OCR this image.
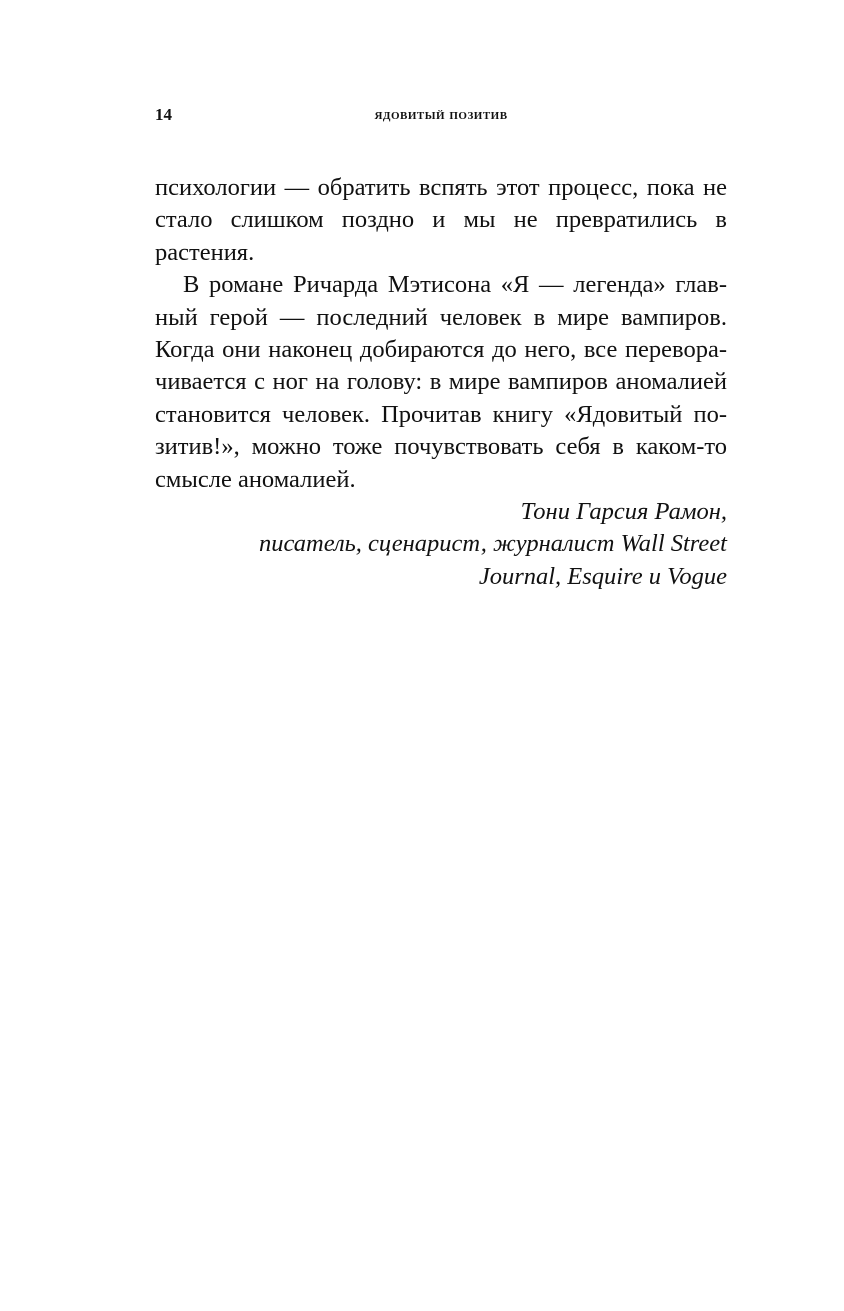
14	ядовитый позитив

психологии — обратить вспять этот процесс, пока не стало слишком поздно и мы не превратились в растения.

В романе Ричарда Мэтисона «Я — легенда» главный герой — последний человек в мире вампиров. Когда они наконец добираются до него, все переворачивается с ног на голову: в мире вампиров аномалией становится человек. Прочитав книгу «Ядовитый позитив!», можно тоже почувствовать себя в каком-то смысле аномалией.

Тони Гарсия Рамон,
писатель, сценарист, журналист Wall Street
Journal, Esquire и Vogue
